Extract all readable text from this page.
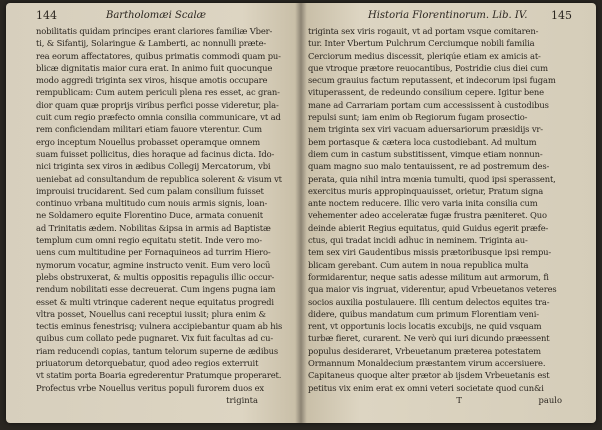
144	Bartholomæi Scalæ
nobilitatis quidam principes erant clariores familiæ Vber-
ti, & Sifantij, Solaringue & Lamberti, ac nonnulli præte-
rea eorum affectatores, quibus primatis commodi quam pu-
blicæ dignitatis maior cura erat. In animo fuit quocunque
modo aggredi triginta sex viros, hisque amotis occupare
rempublicam: Cum autem periculi plena res esset, ac gran-
dior quam quæ proprijs viribus perfici posse videretur, pla-
cuit cum regio præfecto omnia consilia communicare, vt ad
rem conficiendam militari etiam fauore vterentur. Cum
ergo inceptum Nouellus probasset operamque omnem
suam fuisset pollicitus, dies horaque ad facinus dicta. Ido-
nici triginta sex viros in ædibus Collegij Mercatorum, vbi
ueniebat ad consultandum de republica solerent & visum vt
improuisi trucidarent. Sed cum palam consilium fuisset
continuo vrbana multitudo cum nouis armis signis, loan-
ne Soldamero equite Florentino Duce, armata conuenit
ad Trinitatis ædem. Nobilitas &ipsa in armis ad Baptistæ
templum cum omni regio equitatu stetit. Inde vero mo-
uens cum multitudine per Fornaquineos ad turrim Hiero-
nymorum vocatur, agmine instructo venit. Eum vero locū
plebs obstruxerat, & multis oppositis repagulis illic occur-
rendum nobilitati esse decreuerat. Cum ingens pugna iam
esset & multi vtrinque caderent neque equitatus progredi
vltra posset, Nouellus cani receptui iussit; plura enim &
tectis eminus fenestrisq; vulnera accipiebantur quam ab his
quibus cum collato pede pugnaret. Vix fuit facultas ad cu-
riam reducendi copias, tantum telorum superne de ædibus
priuatorum detorquebatur, quod adeo regios exterruit
vt statim porta Boaria egrederentur Pratumque properaret.
Profectus vrbe Nouellus veritus populi furorem duos ex
triginta
Historia Florentinorum. Lib. IV. 145
triginta sex viris rogauit, vt ad portam vsque comitaren-
tur. Inter Vbertum Pulchrum Cerciumque nobili familia
Cerciorum medius discessit, pleriqúe etiam ex amicis at-
que vtroque prætore reuocantibus, Postridie cius diei cum
secum grauius factum reputassent, et indecorum ipsi fugam
vituperassent, de redeundo consilium cepere. Igitur bene
mane ad Carrariam portam cum accessissent à custodibus
repulsi sunt; iam enim ob Regiorum fugam prosectio-
nem triginta sex viri vacuam aduersariorum præsidijs vr-
bem portasque & cætera loca custodiebant. Ad multum
diem cum in castum substitissent, vimque etiam nonnun-
quam magno suo malo tentauissent, re ad postremum des-
perata, quia nihil intra mœnia tumulti, quod ipsi sperassent,
exercitus muris appropinquauisset, orietur, Pratum signa
ante noctem reducere. Illic vero varia inita consilia cum
vehementer adeo acceleratæ fugæ frustra pæniteret. Quo
deinde abierit Regius equitatus, quid Guidus egerit præfe-
ctus, qui tradat incidi adhuc in neminem. Triginta au-
tem sex viri Gaudentibus missis prætoribusque ipsi rempu-
blicam gerebant. Cum autem in noua republica multa
formidarentur, neque satis adesse militum aut armorum, fi
qua maior vis ingruat, viderentur, apud Vrbeuetanos veteres
socios auxilia postulauere. Illi centum delectos equites tra-
didere, quibus mandatum cum primum Florentiam veni-
rent, vt opportunis locis locatis excubijs, ne quid vsquam
turbæ fieret, curarent. Ne verò qui iuri dicundo præessent
populus desideraret, Vrbeuetanum præterea potestatem
Ormannum Monaldecium præstantem virum accersiuere.
Capitaneus quoque alter prætor ab ijsdem Vrbeuetanis est
petitus vix enim erat ex omni veteri societate quod cun&i
T	paulo
